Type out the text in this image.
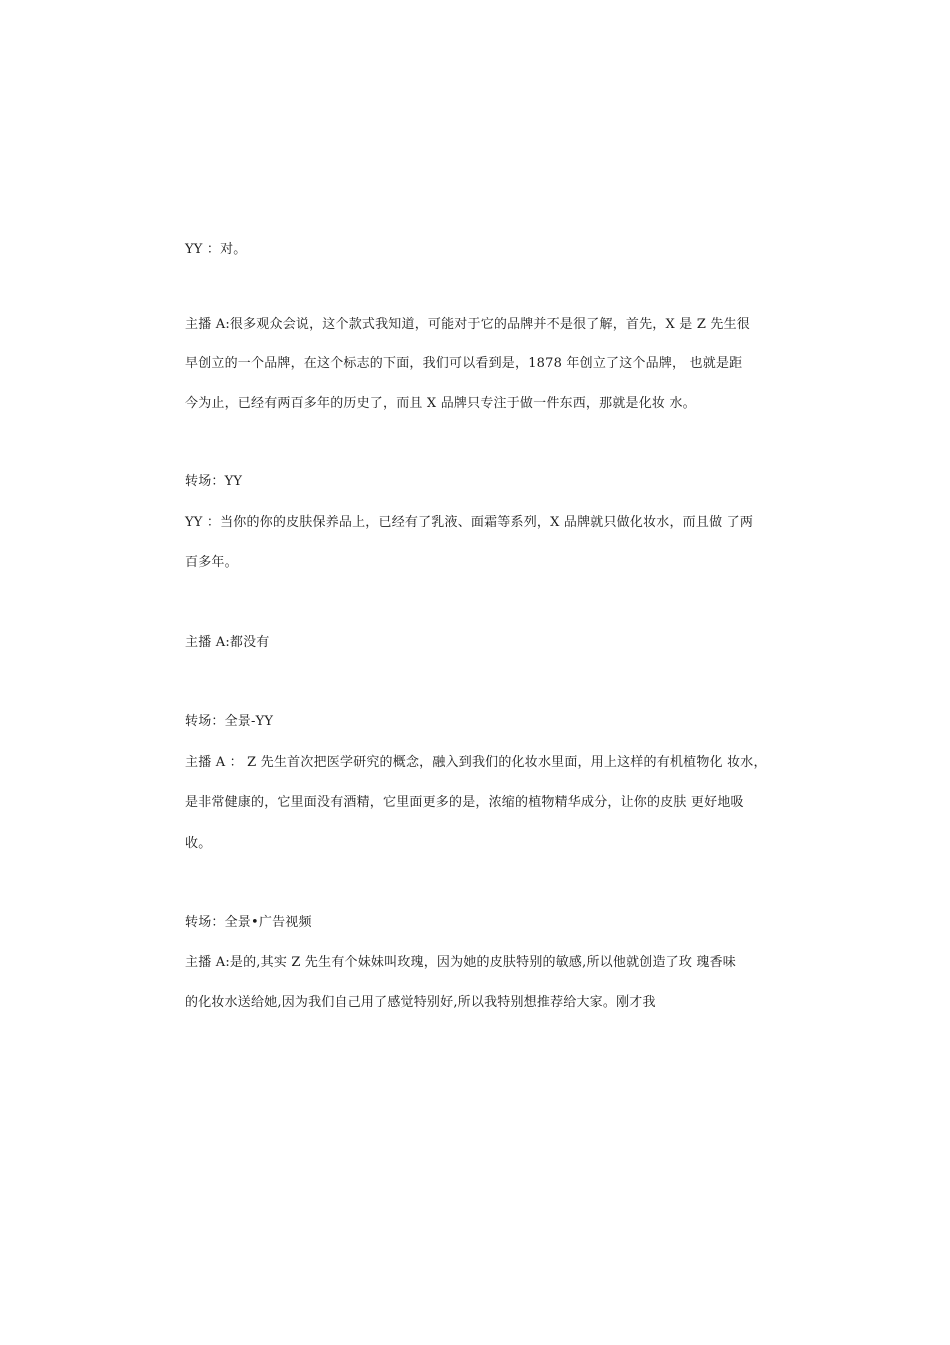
YY ：对。
主播 A:很多观众会说，这个款式我知道，可能对于它的品牌并不是很了解，首先，X 是 Z 先生很
早创立的一个品牌，在这个标志的下面，我们可以看到是，1878 年创立了这个品牌， 也就是距
今为止，已经有两百多年的历史了，而且 X 品牌只专注于做一件东西，那就是化妆 水。
转场：YY
YY ：当你的你的皮肤保养品上，已经有了乳液、面霜等系列，X 品牌就只做化妆水，而且做 了两
百多年。
主播 A:都没有
转场：全景-YY
主播 A ： Z 先生首次把医学研究的概念，融入到我们的化妆水里面，用上这样的有机植物化 妆水，
是非常健康的，它里面没有酒精，它里面更多的是，浓缩的植物精华成分，让你的皮肤 更好地吸
收。
转场：全景•广告视频
主播 A:是的,其实 Z 先生有个妹妹叫玫瑰，因为她的皮肤特别的敏感,所以他就创造了玫 瑰香味
的化妆水送给她,因为我们自己用了感觉特别好,所以我特别想推荐给大家。刚才我
